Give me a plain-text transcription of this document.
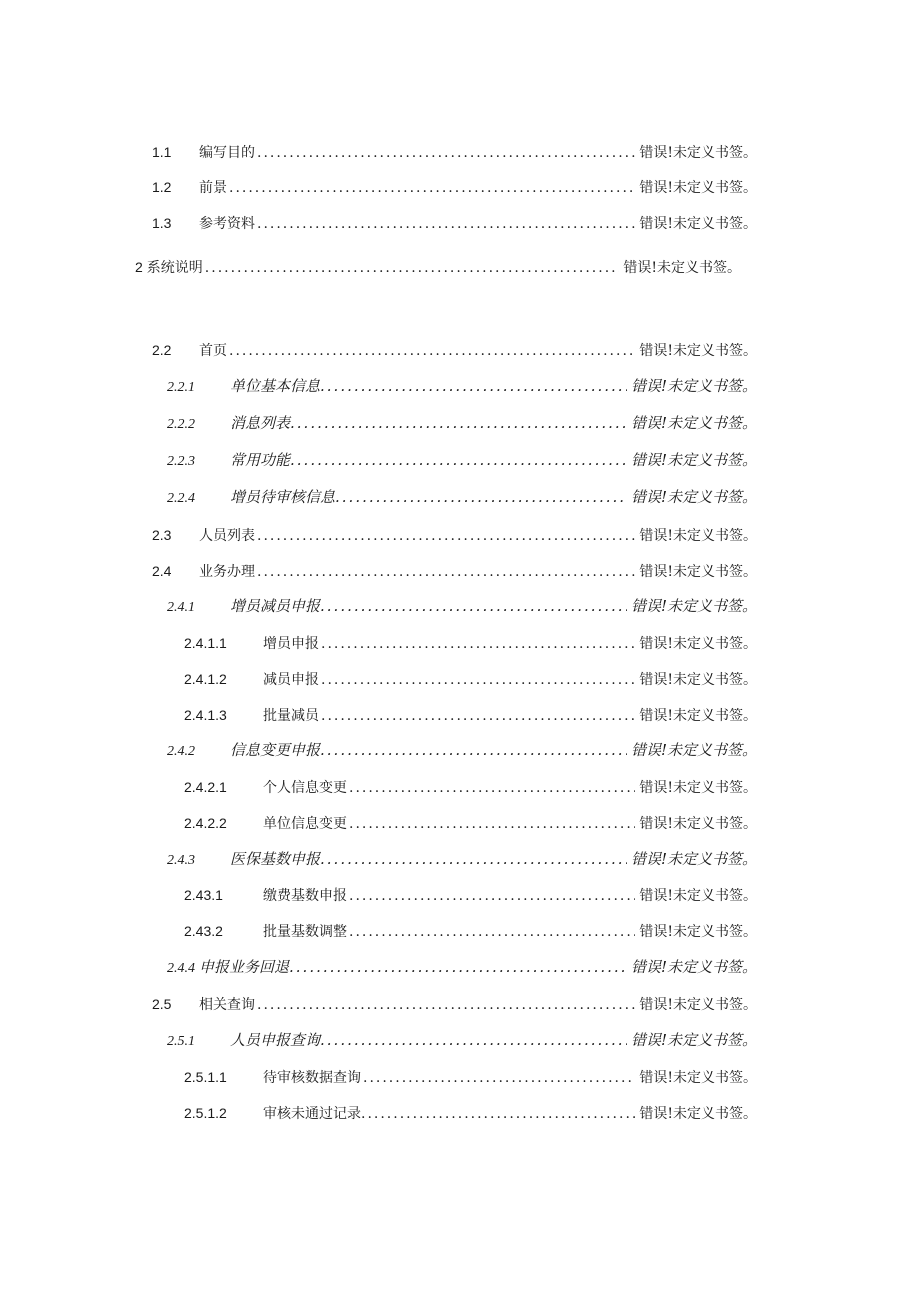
1.1	编写目的 .....	错误!未定义书签。
1.2	前景 .....	错误!未定义书签。
1.3	参考资料 .....	错误!未定义书签。
2 系统说明 .....	错误!未定义书签。
2.2	首页 .....	错误!未定义书签。
2.2.1	单位基本信息. .....	错误!未定义书签。
2.2.2	消息列表. .....	错误!未定义书签。
2.2.3	常用功能. .....	错误!未定义书签。
2.2.4	增员待审核信息. .....	错误!未定义书签。
2.3	人员列表 .....	错误!未定义书签。
2.4	业务办理 .....	错误!未定义书签。
2.4.1	增员减员申报. .....	错误!未定义书签。
2.4.1.1	增员申报 .....	错误!未定义书签。
2.4.1.2	减员申报 .....	错误!未定义书签。
2.4.1.3	批量减员 .....	错误!未定义书签。
2.4.2	信息变更申报. .....	错误!未定义书签。
2.4.2.1	个人信息变更 .....	错误!未定义书签。
2.4.2.2	单位信息变更 .....	错误!未定义书签。
2.4.3	医保基数申报. .....	错误!未定义书签。
2.43.1	缴费基数申报 .....	错误!未定义书签。
2.43.2	批量基数调整 .....	错误!未定义书签。
2.4.4 申报业务回退. .....	错误!未定义书签。
2.5	相关查询 .....	错误!未定义书签。
2.5.1	人员申报查询. .....	错误!未定义书签。
2.5.1.1	待审核数据查询 .....	错误!未定义书签。
2.5.1.2	审核未通过记录. .....	错误!未定义书签。
